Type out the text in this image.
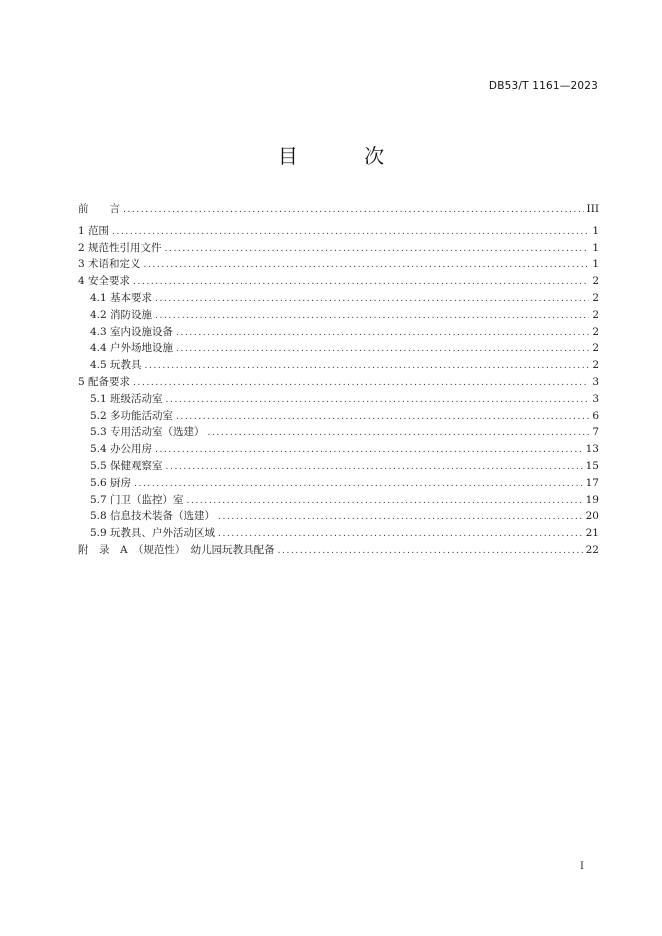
DB53/T 1161—2023
目 次
前　　言 .....	III
1 范围 .....	1
2 规范性引用文件 .....	1
3 术语和定义 .....	1
4 安全要求 .....	2
4.1 基本要求 .....	2
4.2 消防设施 .....	2
4.3 室内设施设备 .....	2
4.4 户外场地设施 .....	2
4.5 玩教具 .....	2
5 配备要求 .....	3
5.1 班级活动室 .....	3
5.2 多功能活动室 .....	6
5.3 专用活动室（选建） .....	7
5.4 办公用房 .....	13
5.5 保健观察室 .....	15
5.6 厨房 .....	17
5.7 门卫（监控）室 .....	19
5.8 信息技术装备（选建） .....	20
5.9 玩教具、户外活动区域 .....	21
附　录　A　（规范性）　幼儿园玩教具配备 .....	22
I
